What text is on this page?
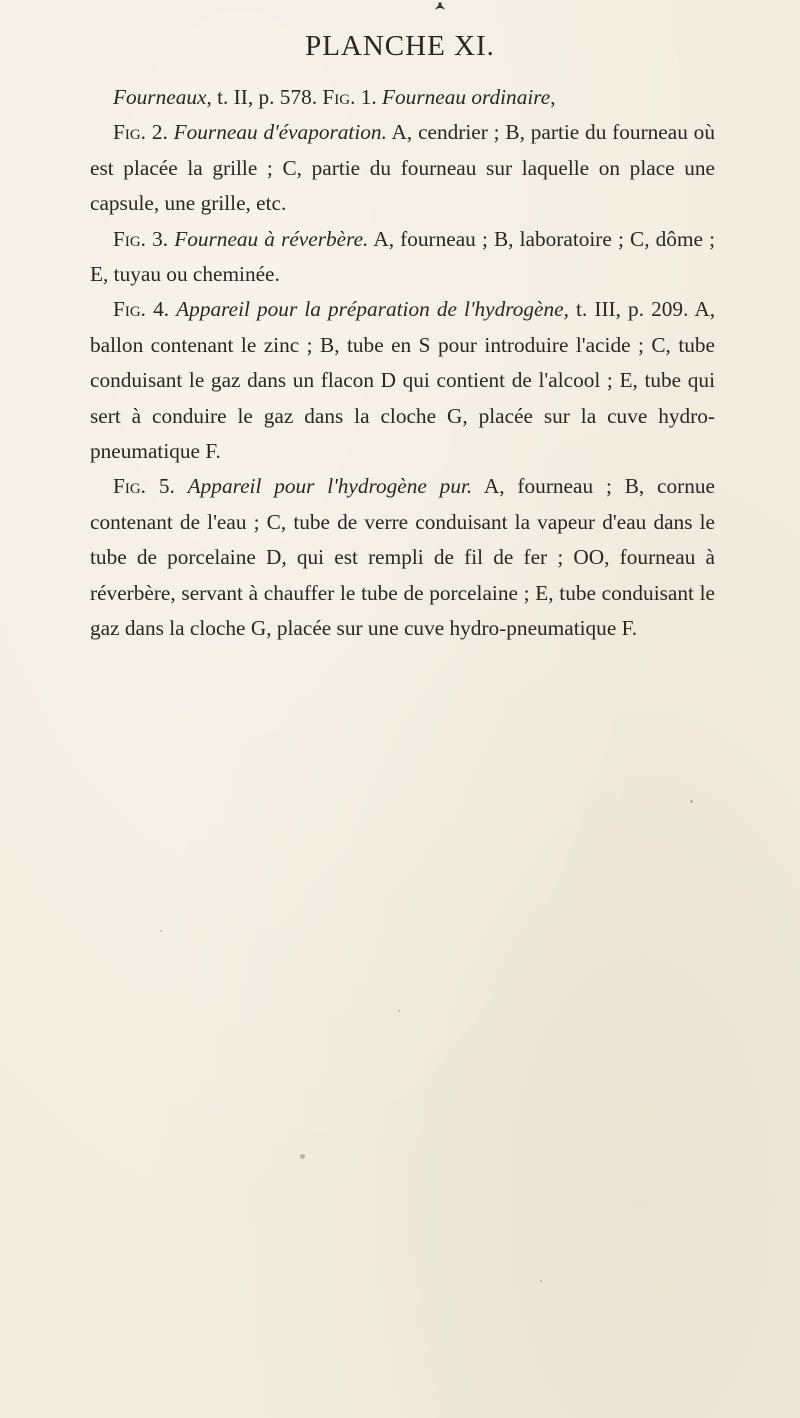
PLANCHE XI.

Fourneaux, t. II, p. 578. Fig. 1. Fourneau ordinaire,

Fig. 2. Fourneau d'évaporation. A, cendrier ; B, partie du fourneau où est placée la grille ; C, partie du fourneau sur laquelle on place une capsule, une grille, etc.

Fig. 3. Fourneau à réverbère. A, fourneau ; B, laboratoire ; C, dôme ; E, tuyau ou cheminée.

Fig. 4. Appareil pour la préparation de l'hydrogène, t. III, p. 209. A, ballon contenant le zinc ; B, tube en S pour introduire l'acide ; C, tube conduisant le gaz dans un flacon D qui contient de l'alcool ; E, tube qui sert à conduire le gaz dans la cloche G, placée sur la cuve hydro-pneumatique F.

Fig. 5. Appareil pour l'hydrogène pur. A, fourneau ; B, cornue contenant de l'eau ; C, tube de verre conduisant la vapeur d'eau dans le tube de porcelaine D, qui est rempli de fil de fer ; OO, fourneau à réverbère, servant à chauffer le tube de porcelaine ; E, tube conduisant le gaz dans la cloche G, placée sur une cuve hydro-pneumatique F.
